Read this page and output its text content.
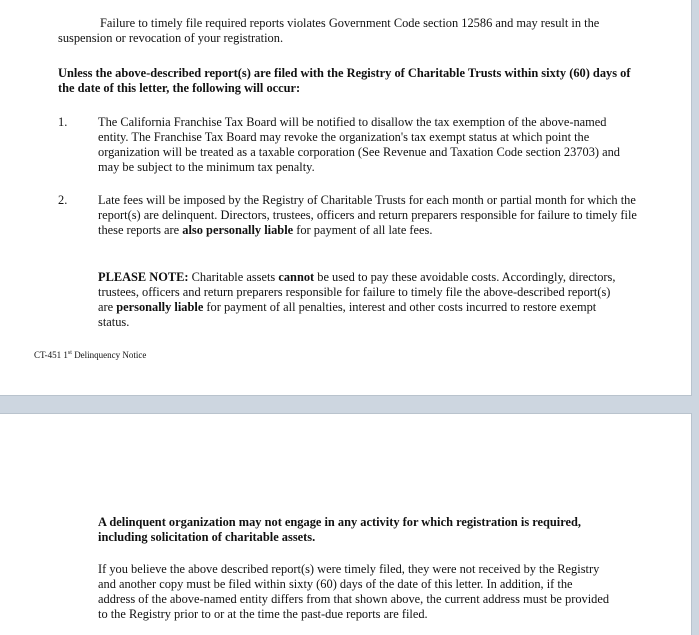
Failure to timely file required reports violates Government Code section 12586 and may result in the suspension or revocation of your registration.

Unless the above-described report(s) are filed with the Registry of Charitable Trusts within sixty (60) days of the date of this letter, the following will occur:

1. The California Franchise Tax Board will be notified to disallow the tax exemption of the above-named entity. The Franchise Tax Board may revoke the organization's tax exempt status at which point the organization will be treated as a taxable corporation (See Revenue and Taxation Code section 23703) and may be subject to the minimum tax penalty.

2. Late fees will be imposed by the Registry of Charitable Trusts for each month or partial month for which the report(s) are delinquent. Directors, trustees, officers and return preparers responsible for failure to timely file these reports are also personally liable for payment of all late fees.

PLEASE NOTE: Charitable assets cannot be used to pay these avoidable costs. Accordingly, directors, trustees, officers and return preparers responsible for failure to timely file the above-described report(s) are personally liable for payment of all penalties, interest and other costs incurred to restore exempt status.

CT-451 1st Delinquency Notice

A delinquent organization may not engage in any activity for which registration is required, including solicitation of charitable assets.

If you believe the above described report(s) were timely filed, they were not received by the Registry and another copy must be filed within sixty (60) days of the date of this letter. In addition, if the address of the above-named entity differs from that shown above, the current address must be provided to the Registry prior to or at the time the past-due reports are filed.
